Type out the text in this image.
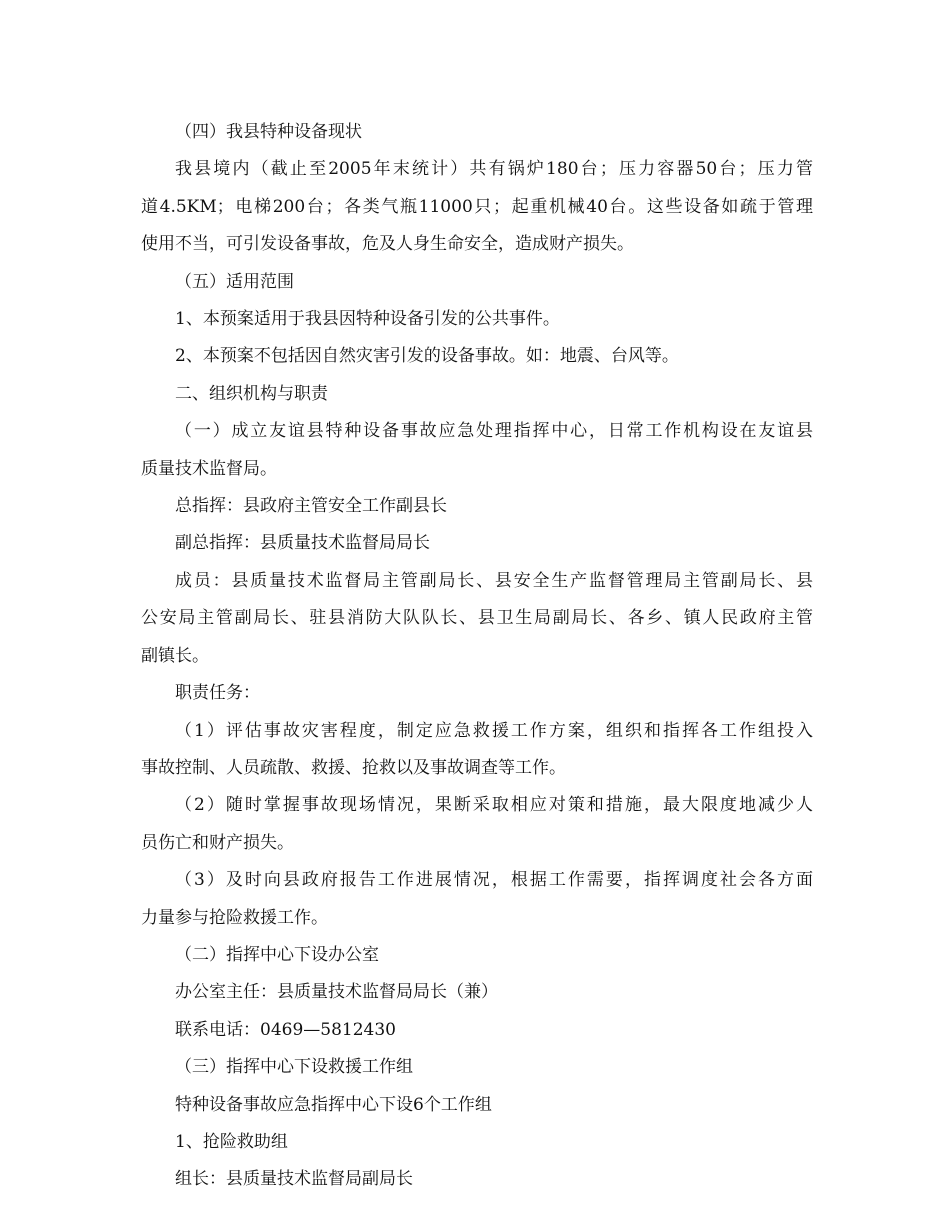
（四）我县特种设备现状
我县境内（截止至2005年末统计）共有锅炉180台；压力容器50台；压力管
道4.5KM；电梯200台；各类气瓶11000只；起重机械40台。这些设备如疏于管理
使用不当，可引发设备事故，危及人身生命安全，造成财产损失。
（五）适用范围
1、本预案适用于我县因特种设备引发的公共事件。
2、本预案不包括因自然灾害引发的设备事故。如：地震、台风等。
二、组织机构与职责
（一）成立友谊县特种设备事故应急处理指挥中心，日常工作机构设在友谊县
质量技术监督局。
总指挥：县政府主管安全工作副县长
副总指挥：县质量技术监督局局长
成员：县质量技术监督局主管副局长、县安全生产监督管理局主管副局长、县
公安局主管副局长、驻县消防大队队长、县卫生局副局长、各乡、镇人民政府主管
副镇长。
职责任务：
（1）评估事故灾害程度，制定应急救援工作方案，组织和指挥各工作组投入
事故控制、人员疏散、救援、抢救以及事故调查等工作。
（2）随时掌握事故现场情况，果断采取相应对策和措施，最大限度地减少人
员伤亡和财产损失。
（3）及时向县政府报告工作进展情况，根据工作需要，指挥调度社会各方面
力量参与抢险救援工作。
（二）指挥中心下设办公室
办公室主任：县质量技术监督局局长（兼）
联系电话：0469—5812430
（三）指挥中心下设救援工作组
特种设备事故应急指挥中心下设6个工作组
1、抢险救助组
组长：县质量技术监督局副局长
